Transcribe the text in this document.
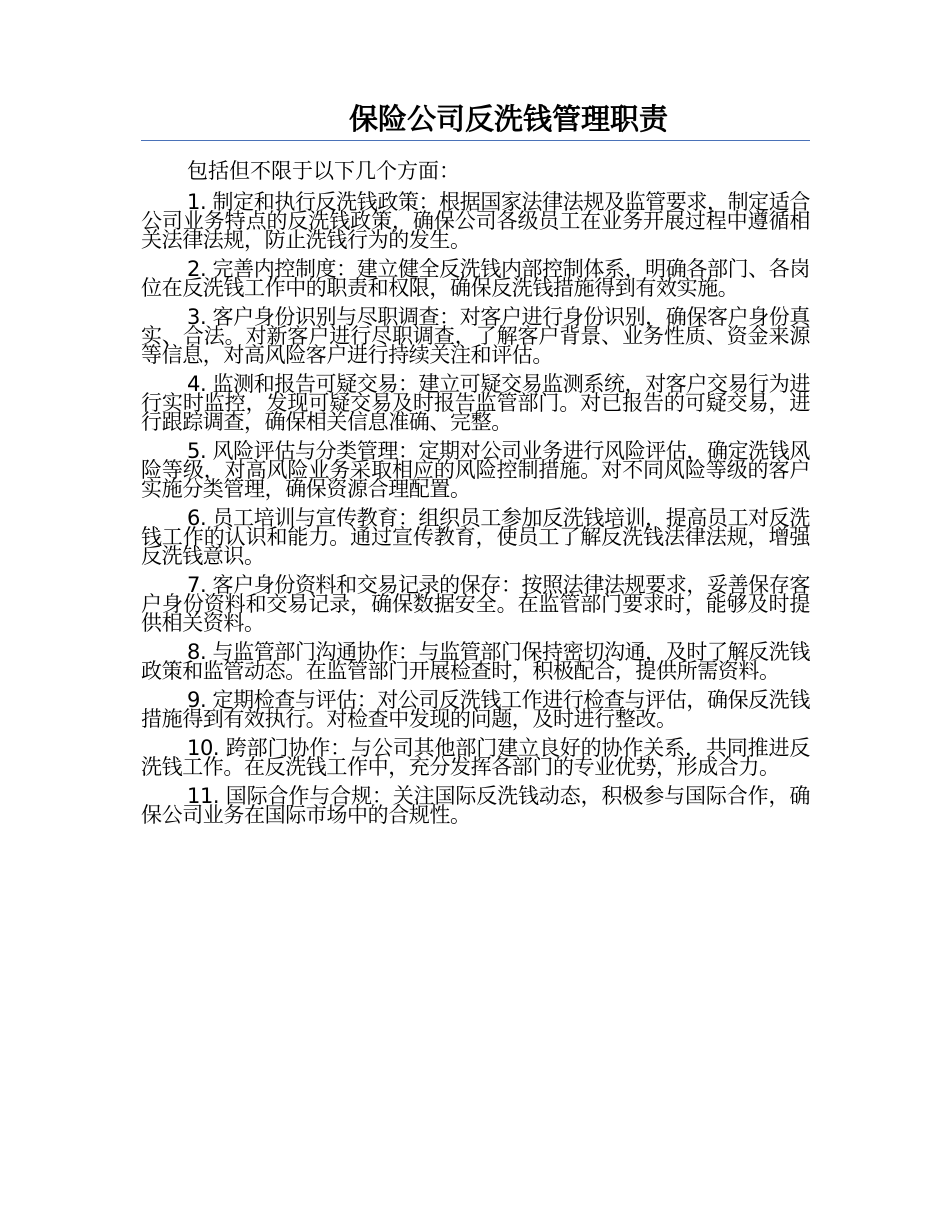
保险公司反洗钱管理职责

包括但不限于以下几个方面：

1. 制定和执行反洗钱政策：根据国家法律法规及监管要求，制定适合公司业务特点的反洗钱政策，确保公司各级员工在业务开展过程中遵循相关法律法规，防止洗钱行为的发生。

2. 完善内控制度：建立健全反洗钱内部控制体系，明确各部门、各岗位在反洗钱工作中的职责和权限，确保反洗钱措施得到有效实施。

3. 客户身份识别与尽职调查：对客户进行身份识别，确保客户身份真实、合法。对新客户进行尽职调查，了解客户背景、业务性质、资金来源等信息，对高风险客户进行持续关注和评估。

4. 监测和报告可疑交易：建立可疑交易监测系统，对客户交易行为进行实时监控，发现可疑交易及时报告监管部门。对已报告的可疑交易，进行跟踪调查，确保相关信息准确、完整。

5. 风险评估与分类管理：定期对公司业务进行风险评估，确定洗钱风险等级，对高风险业务采取相应的风险控制措施。对不同风险等级的客户实施分类管理，确保资源合理配置。

6. 员工培训与宣传教育：组织员工参加反洗钱培训，提高员工对反洗钱工作的认识和能力。通过宣传教育，使员工了解反洗钱法律法规，增强反洗钱意识。

7. 客户身份资料和交易记录的保存：按照法律法规要求，妥善保存客户身份资料和交易记录，确保数据安全。在监管部门要求时，能够及时提供相关资料。

8. 与监管部门沟通协作：与监管部门保持密切沟通，及时了解反洗钱政策和监管动态。在监管部门开展检查时，积极配合，提供所需资料。

9. 定期检查与评估：对公司反洗钱工作进行检查与评估，确保反洗钱措施得到有效执行。对检查中发现的问题，及时进行整改。

10. 跨部门协作：与公司其他部门建立良好的协作关系，共同推进反洗钱工作。在反洗钱工作中，充分发挥各部门的专业优势，形成合力。

11. 国际合作与合规：关注国际反洗钱动态，积极参与国际合作，确保公司业务在国际市场中的合规性。
